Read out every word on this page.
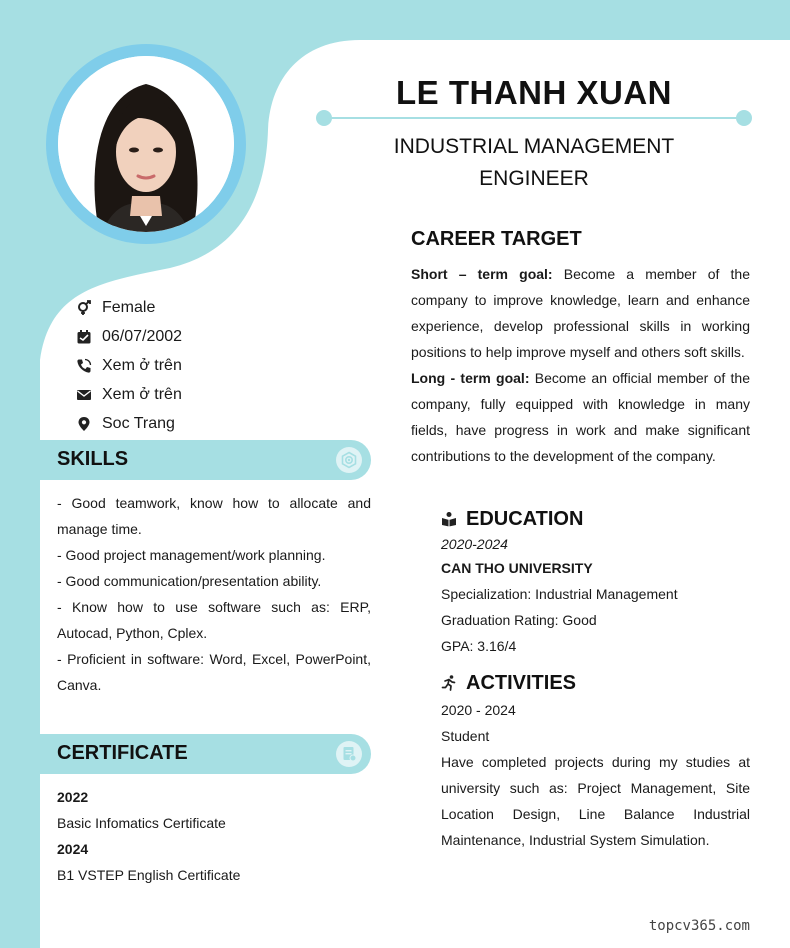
LE THANH XUAN
INDUSTRIAL MANAGEMENT ENGINEER
Female
06/07/2002
Xem ở trên
Xem ở trên
Soc Trang
SKILLS
- Good teamwork, know how to allocate and manage time.
- Good project management/work planning.
- Good communication/presentation ability.
- Know how to use software such as: ERP, Autocad, Python, Cplex.
- Proficient in software: Word, Excel, PowerPoint, Canva.
CERTIFICATE
2022
Basic Infomatics Certificate
2024
B1 VSTEP English Certificate
CAREER TARGET

Short – term goal: Become a member of the company to improve knowledge, learn and enhance experience, develop professional skills in working positions to help improve myself and others soft skills.

Long - term goal: Become an official member of the company, fully equipped with knowledge in many fields, have progress in work and make significant contributions to the development of the company.

EDUCATION
2020-2024
CAN THO UNIVERSITY
Specialization: Industrial Management
Graduation Rating: Good
GPA: 3.16/4
ACTIVITIES
2020 - 2024
Student
Have completed projects during my studies at university such as: Project Management, Site Location Design, Line Balance Industrial Maintenance, Industrial System Simulation.
topcv365.com
